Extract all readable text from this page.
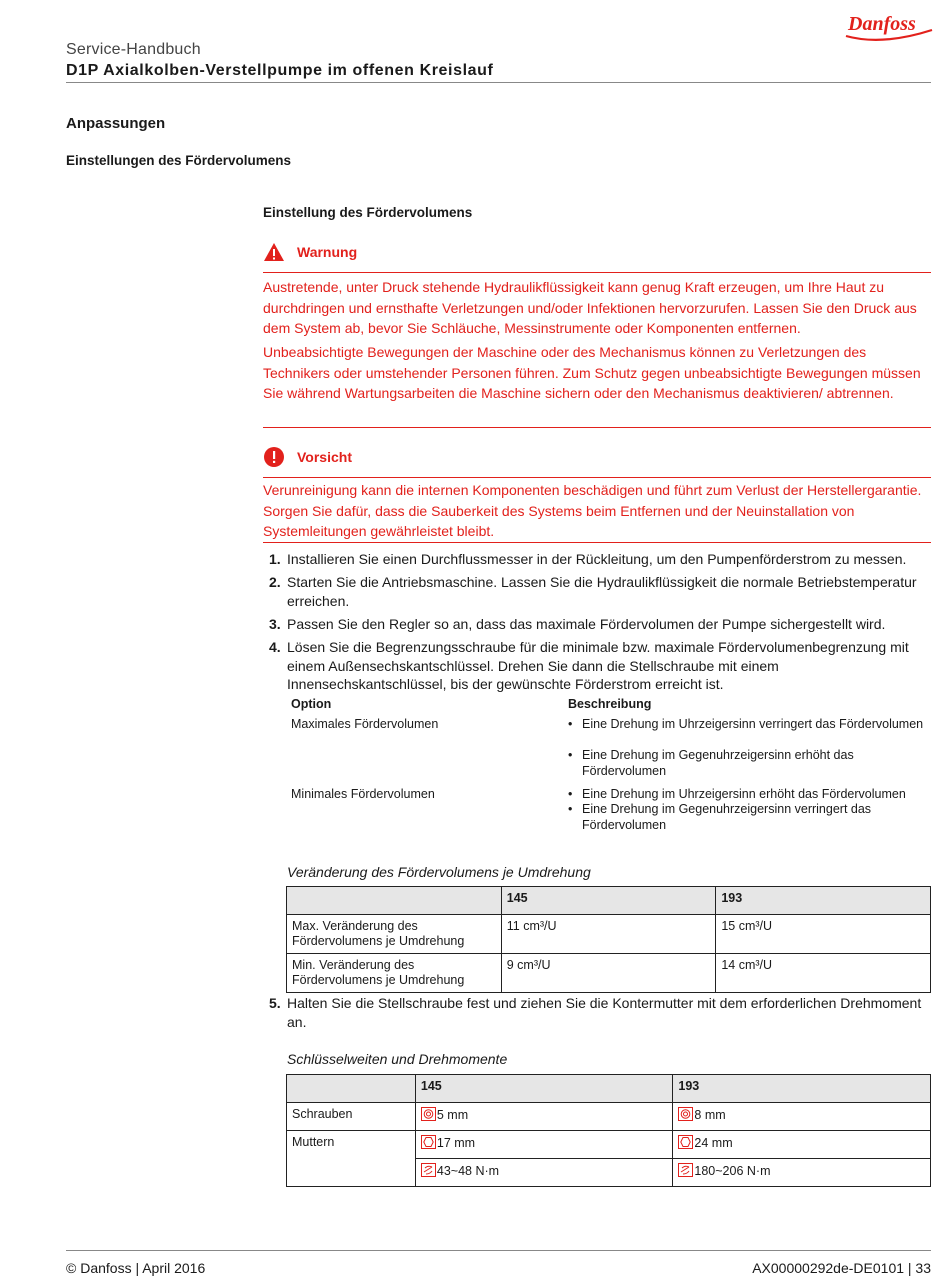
Service-Handbuch
D1P Axialkolben-Verstellpumpe im offenen Kreislauf
Danfoss
Anpassungen
Einstellungen des Fördervolumens
Einstellung des Fördervolumens
Warnung
Austretende, unter Druck stehende Hydraulikflüssigkeit kann genug Kraft erzeugen, um Ihre Haut zu durchdringen und ernsthafte Verletzungen und/oder Infektionen hervorzurufen. Lassen Sie den Druck aus dem System ab, bevor Sie Schläuche, Messinstrumente oder Komponenten entfernen.
Unbeabsichtigte Bewegungen der Maschine oder des Mechanismus können zu Verletzungen des Technikers oder umstehender Personen führen. Zum Schutz gegen unbeabsichtigte Bewegungen müssen Sie während Wartungsarbeiten die Maschine sichern oder den Mechanismus deaktivieren/ abtrennen.
Vorsicht
Verunreinigung kann die internen Komponenten beschädigen und führt zum Verlust der Herstellergarantie. Sorgen Sie dafür, dass die Sauberkeit des Systems beim Entfernen und der Neuinstallation von Systemleitungen gewährleistet bleibt.
1. Installieren Sie einen Durchflussmesser in der Rückleitung, um den Pumpenförderstrom zu messen.
2. Starten Sie die Antriebsmaschine. Lassen Sie die Hydraulikflüssigkeit die normale Betriebstemperatur erreichen.
3. Passen Sie den Regler so an, dass das maximale Fördervolumen der Pumpe sichergestellt wird.
4. Lösen Sie die Begrenzungsschraube für die minimale bzw. maximale Fördervolumenbegrenzung mit einem Außensechskantschlüssel. Drehen Sie dann die Stellschraube mit einem Innensechskantschlüssel, bis der gewünschte Förderstrom erreicht ist.
5. Halten Sie die Stellschraube fest und ziehen Sie die Kontermutter mit dem erforderlichen Drehmoment an.
Option	Beschreibung
Maximales Fördervolumen	• Eine Drehung im Uhrzeigersinn verringert das Fördervolumen
• Eine Drehung im Gegenuhrzeigersinn erhöht das Fördervolumen
Minimales Fördervolumen	• Eine Drehung im Uhrzeigersinn erhöht das Fördervolumen
• Eine Drehung im Gegenuhrzeigersinn verringert das Fördervolumen
Veränderung des Fördervolumens je Umdrehung
	145	193
Max. Veränderung des Fördervolumens je Umdrehung	11 cm³/U	15 cm³/U
Min. Veränderung des Fördervolumens je Umdrehung	9 cm³/U	14 cm³/U
Schlüsselweiten und Drehmomente
	145	193
Schrauben	5 mm	8 mm
Muttern	17 mm	24 mm

43~48 N·m	180~206 N·m
© Danfoss | April 2016	AX00000292de-DE0101 | 33
